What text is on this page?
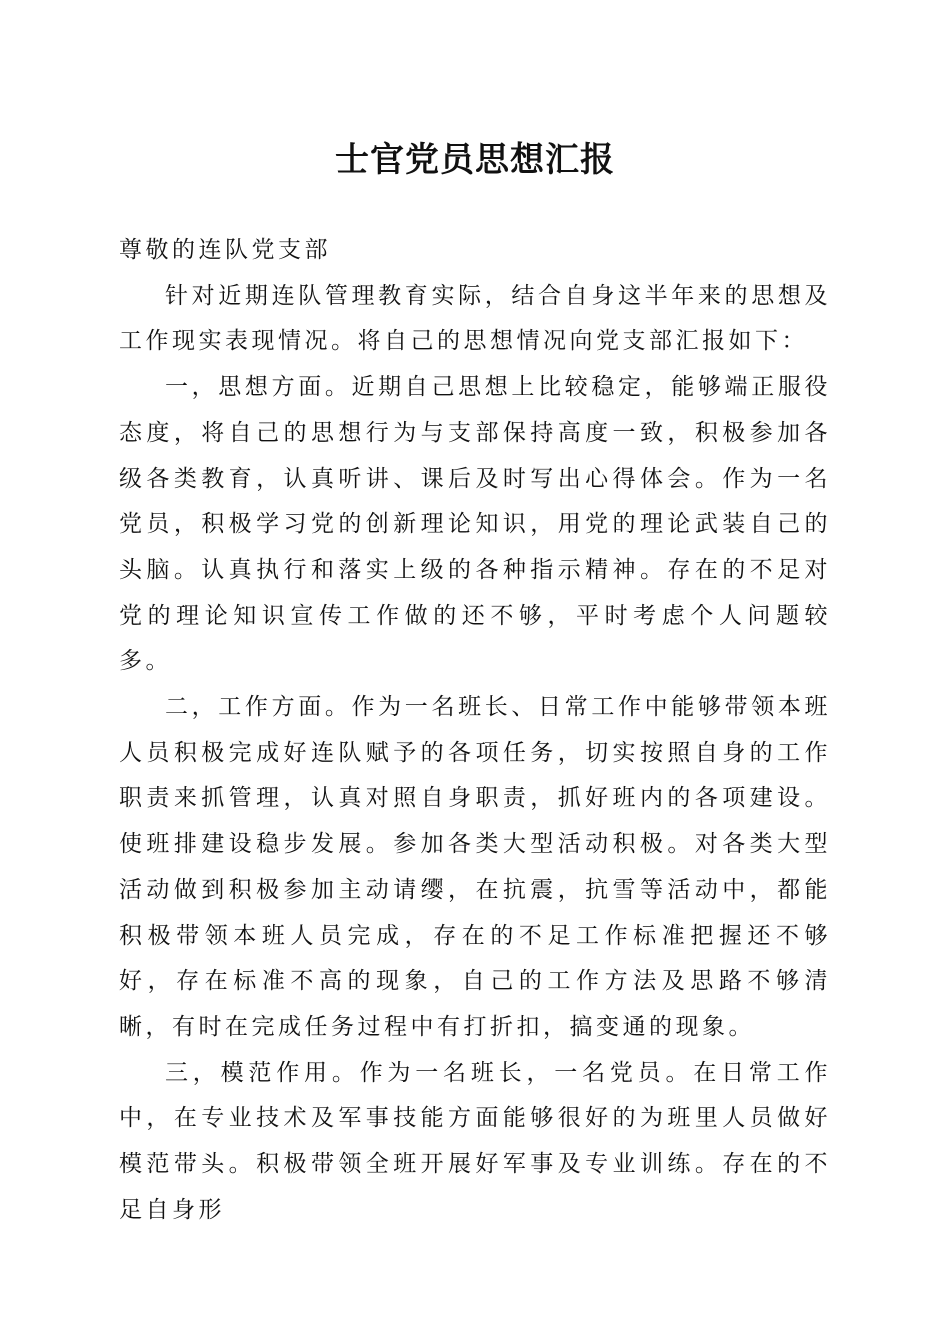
士官党员思想汇报

尊敬的连队党支部

针对近期连队管理教育实际，结合自身这半年来的思想及工作现实表现情况。将自己的思想情况向党支部汇报如下：

一，思想方面。近期自己思想上比较稳定，能够端正服役态度，将自己的思想行为与支部保持高度一致，积极参加各级各类教育，认真听讲、课后及时写出心得体会。作为一名党员，积极学习党的创新理论知识，用党的理论武装自己的头脑。认真执行和落实上级的各种指示精神。存在的不足对党的理论知识宣传工作做的还不够，平时考虑个人问题较多。

二，工作方面。作为一名班长、日常工作中能够带领本班人员积极完成好连队赋予的各项任务，切实按照自身的工作职责来抓管理，认真对照自身职责，抓好班内的各项建设。使班排建设稳步发展。参加各类大型活动积极。对各类大型活动做到积极参加主动请缨，在抗震，抗雪等活动中，都能积极带领本班人员完成，存在的不足工作标准把握还不够好，存在标准不高的现象，自己的工作方法及思路不够清晰，有时在完成任务过程中有打折扣，搞变通的现象。

三，模范作用。作为一名班长，一名党员。在日常工作中，在专业技术及军事技能方面能够很好的为班里人员做好模范带头。积极带领全班开展好军事及专业训练。存在的不足自身形
